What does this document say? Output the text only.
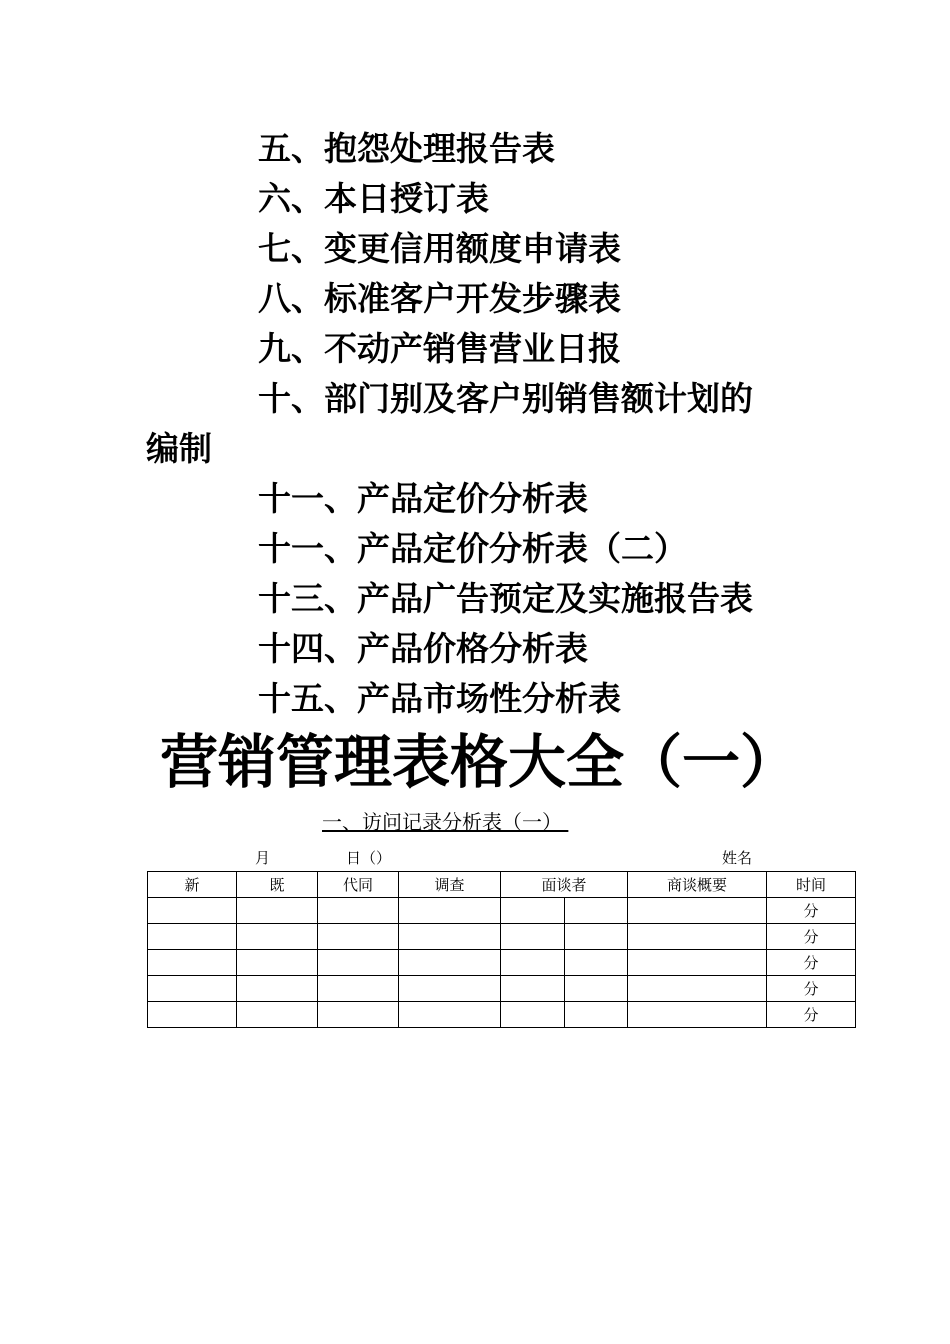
五、抱怨处理报告表
六、本日授订表
七、变更信用额度申请表
八、标准客户开发步骤表
九、不动产销售营业日报
十、部门别及客户别销售额计划的
编制
十一、产品定价分析表
十一、产品定价分析表（二）
十三、产品广告预定及实施报告表
十四、产品价格分析表
十五、产品市场性分析表
营销管理表格大全（一）
一、访问记录分析表（一）
月	日（）	姓名
新	既	代同	调查	面谈者		商谈概要	时间
							分
							分
							分
							分
							分
